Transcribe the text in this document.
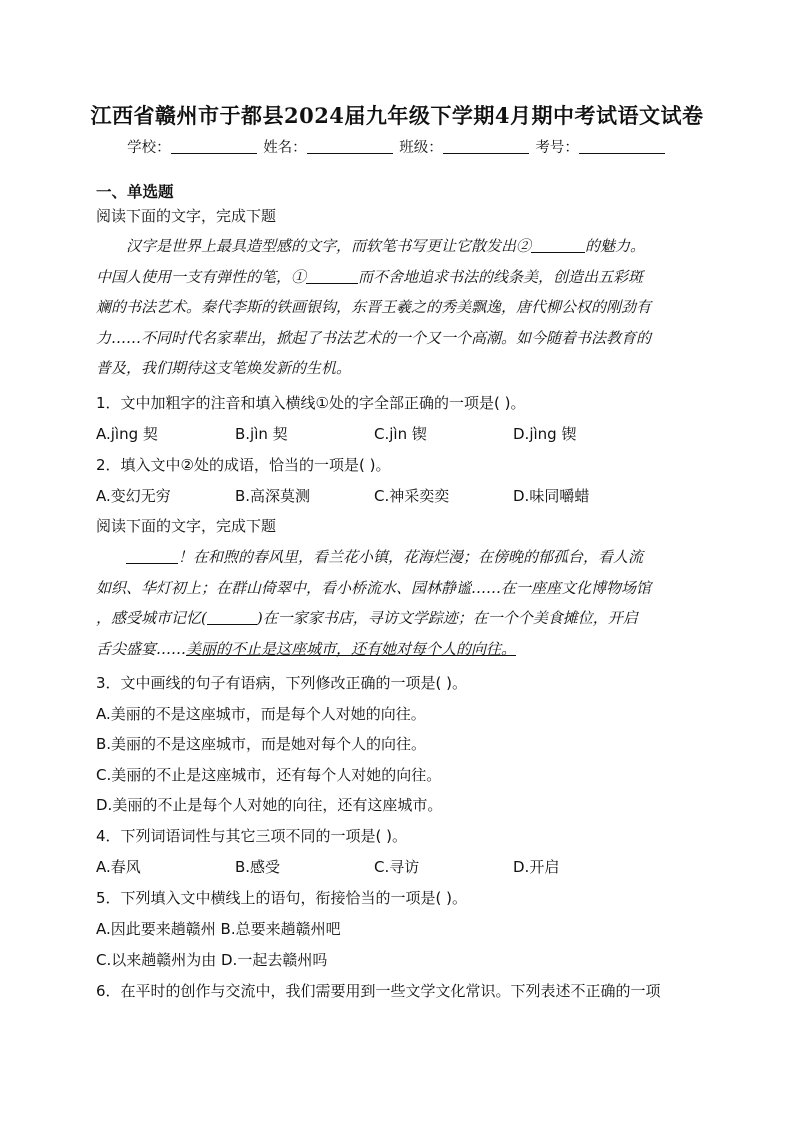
江西省赣州市于都县2024届九年级下学期4月期中考试语文试卷
学校：	姓名：	班级：	考号：
一、单选题
阅读下面的文字，完成下题
汉字是世界上最具造型感的文字，而软笔书写更让它散发出②	的魅力。
中国人使用一支有弹性的笔，①	而不舍地追求书法的线条美，创造出五彩斑
斓的书法艺术。秦代李斯的铁画银钩，东晋王羲之的秀美飘逸，唐代柳公权的刚劲有
力……不同时代名家辈出，掀起了书法艺术的一个又一个高潮。如今随着书法教育的
普及，我们期待这支笔焕发新的生机。
1．文中加粗字的注音和填入横线①处的字全部正确的一项是( )。
A.jìng 契	B.jìn 契	C.jìn 锲	D.jìng 锲
2．填入文中②处的成语，恰当的一项是( )。
A.变幻无穷	B.高深莫测	C.神采奕奕	D.味同嚼蜡
阅读下面的文字，完成下题
！在和煦的春风里，看兰花小镇，花海烂漫；在傍晚的郁孤台，看人流
如织、华灯初上；在群山倚翠中，看小桥流水、园林静谧……在一座座文化博物场馆
，感受城市记忆(	)在一家家书店，寻访文学踪迹；在一个个美食摊位，开启
舌尖盛宴……美丽的不止是这座城市，还有她对每个人的向往。
3．文中画线的句子有语病，下列修改正确的一项是( )。
A.美丽的不是这座城市，而是每个人对她的向往。
B.美丽的不是这座城市，而是她对每个人的向往。
C.美丽的不止是这座城市，还有每个人对她的向往。
D.美丽的不止是每个人对她的向往，还有这座城市。
4．下列词语词性与其它三项不同的一项是( )。
A.春风	B.感受	C.寻访	D.开启
5．下列填入文中横线上的语句，衔接恰当的一项是( )。
A.因此要来趟赣州 B.总要来趟赣州吧
C.以来趟赣州为由 D.一起去赣州吗
6．在平时的创作与交流中，我们需要用到一些文学文化常识。下列表述不正确的一项
